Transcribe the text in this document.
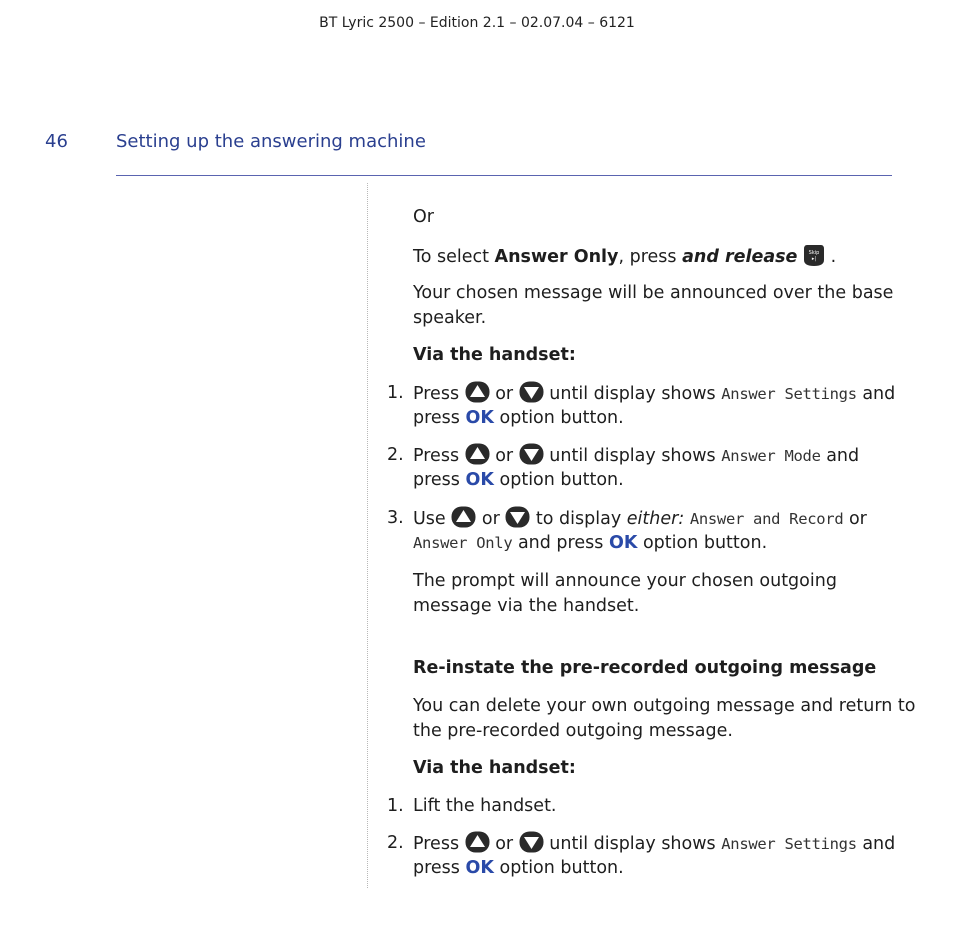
BT Lyric 2500 – Edition 2.1 – 02.07.04 – 6121
46	Setting up the answering machine
Or
To select Answer Only, press and release Skip
▸| .
Your chosen message will be announced over the base
speaker.
Via the handset:
1. Press or until display shows Answer Settings and
press OK option button.
2. Press or until display shows Answer Mode and
press OK option button.
3. Use or to display either: Answer and Record or
Answer Only and press OK option button.
The prompt will announce your chosen outgoing
message via the handset.
Re-instate the pre-recorded outgoing message
You can delete your own outgoing message and return to
the pre-recorded outgoing message.
Via the handset:
1. Lift the handset.
2. Press or until display shows Answer Settings and
press OK option button.
